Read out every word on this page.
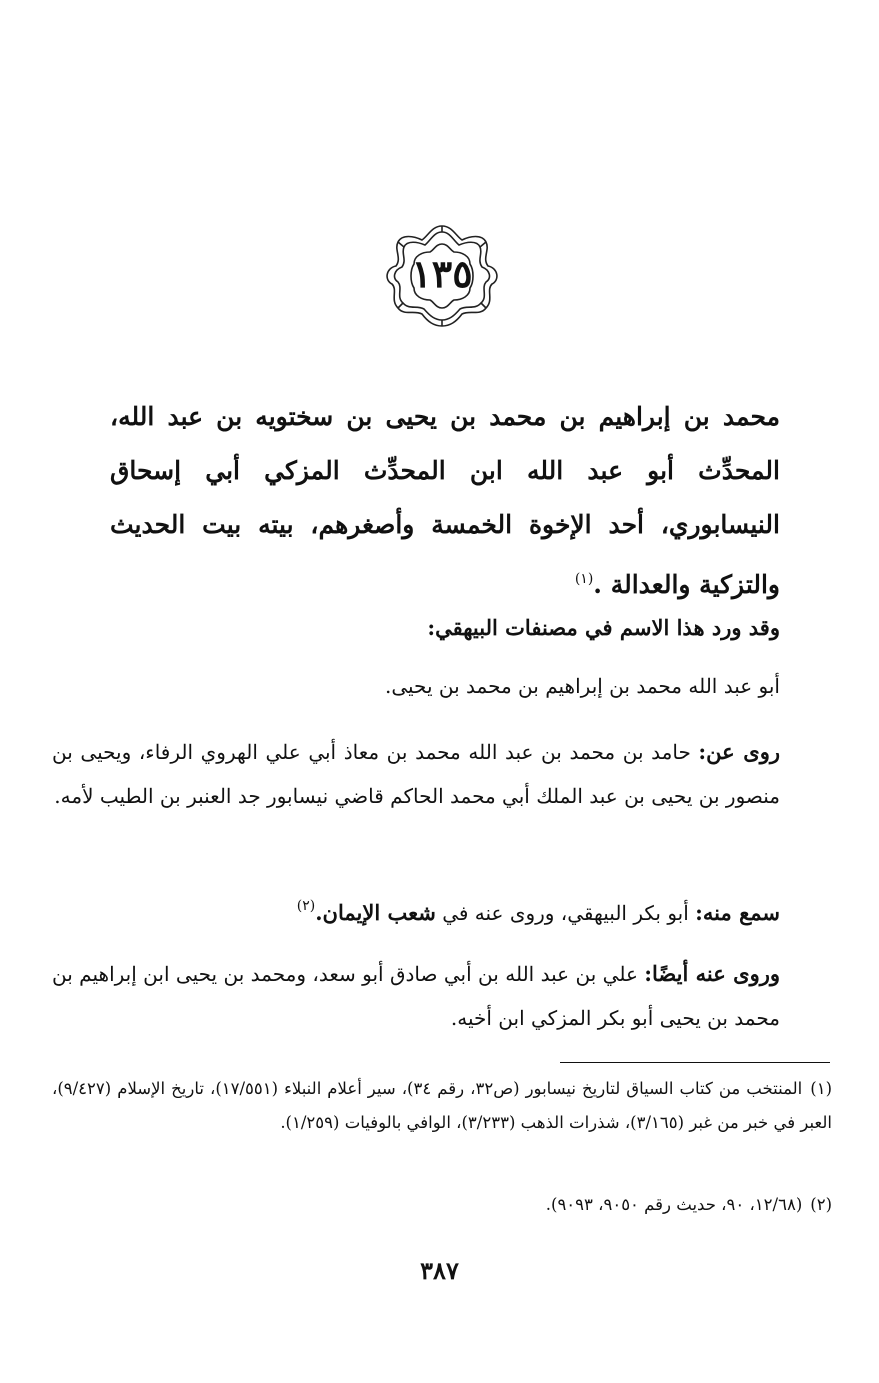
١٣٥
محمد بن إبراهيم بن محمد بن يحيى بن سختويه بن عبد الله، المحدِّث أبو عبد الله ابن المحدِّث المزكي أبي إسحاق النيسابوري، أحد الإخوة الخمسة وأصغرهم، بيته بيت الحديث والتزكية والعدالة .$^{(١)}$
وقد ورد هذا الاسم في مصنفات البيهقي:
أبو عبد الله محمد بن إبراهيم بن محمد بن يحيى.
روى عن: حامد بن محمد بن عبد الله محمد بن معاذ أبي علي الهروي الرفاء، ويحيى بن منصور بن يحيى بن عبد الملك أبي محمد الحاكم قاضي نيسابور جد العنبر بن الطيب لأمه.
سمع منه: أبو بكر البيهقي، وروى عنه في شعب الإيمان.$^{(٢)}$
وروى عنه أيضًا: علي بن عبد الله بن أبي صادق أبو سعد، ومحمد بن يحيى ابن إبراهيم بن محمد بن يحيى أبو بكر المزكي ابن أخيه.
(١)المنتخب من كتاب السياق لتاريخ نيسابور (ص٣٢، رقم ٣٤)، سير أعلام النبلاء (١٧/٥٥١)، تاريخ الإسلام (٩/٤٢٧)، العبر في خبر من غبر (٣/١٦٥)، شذرات الذهب (٣/٢٣٣)، الوافي بالوفيات (١/٢٥٩).
(٢)(١٢/٦٨، ٩٠، حديث رقم ٩٠٥٠، ٩٠٩٣).
٣٨٧
